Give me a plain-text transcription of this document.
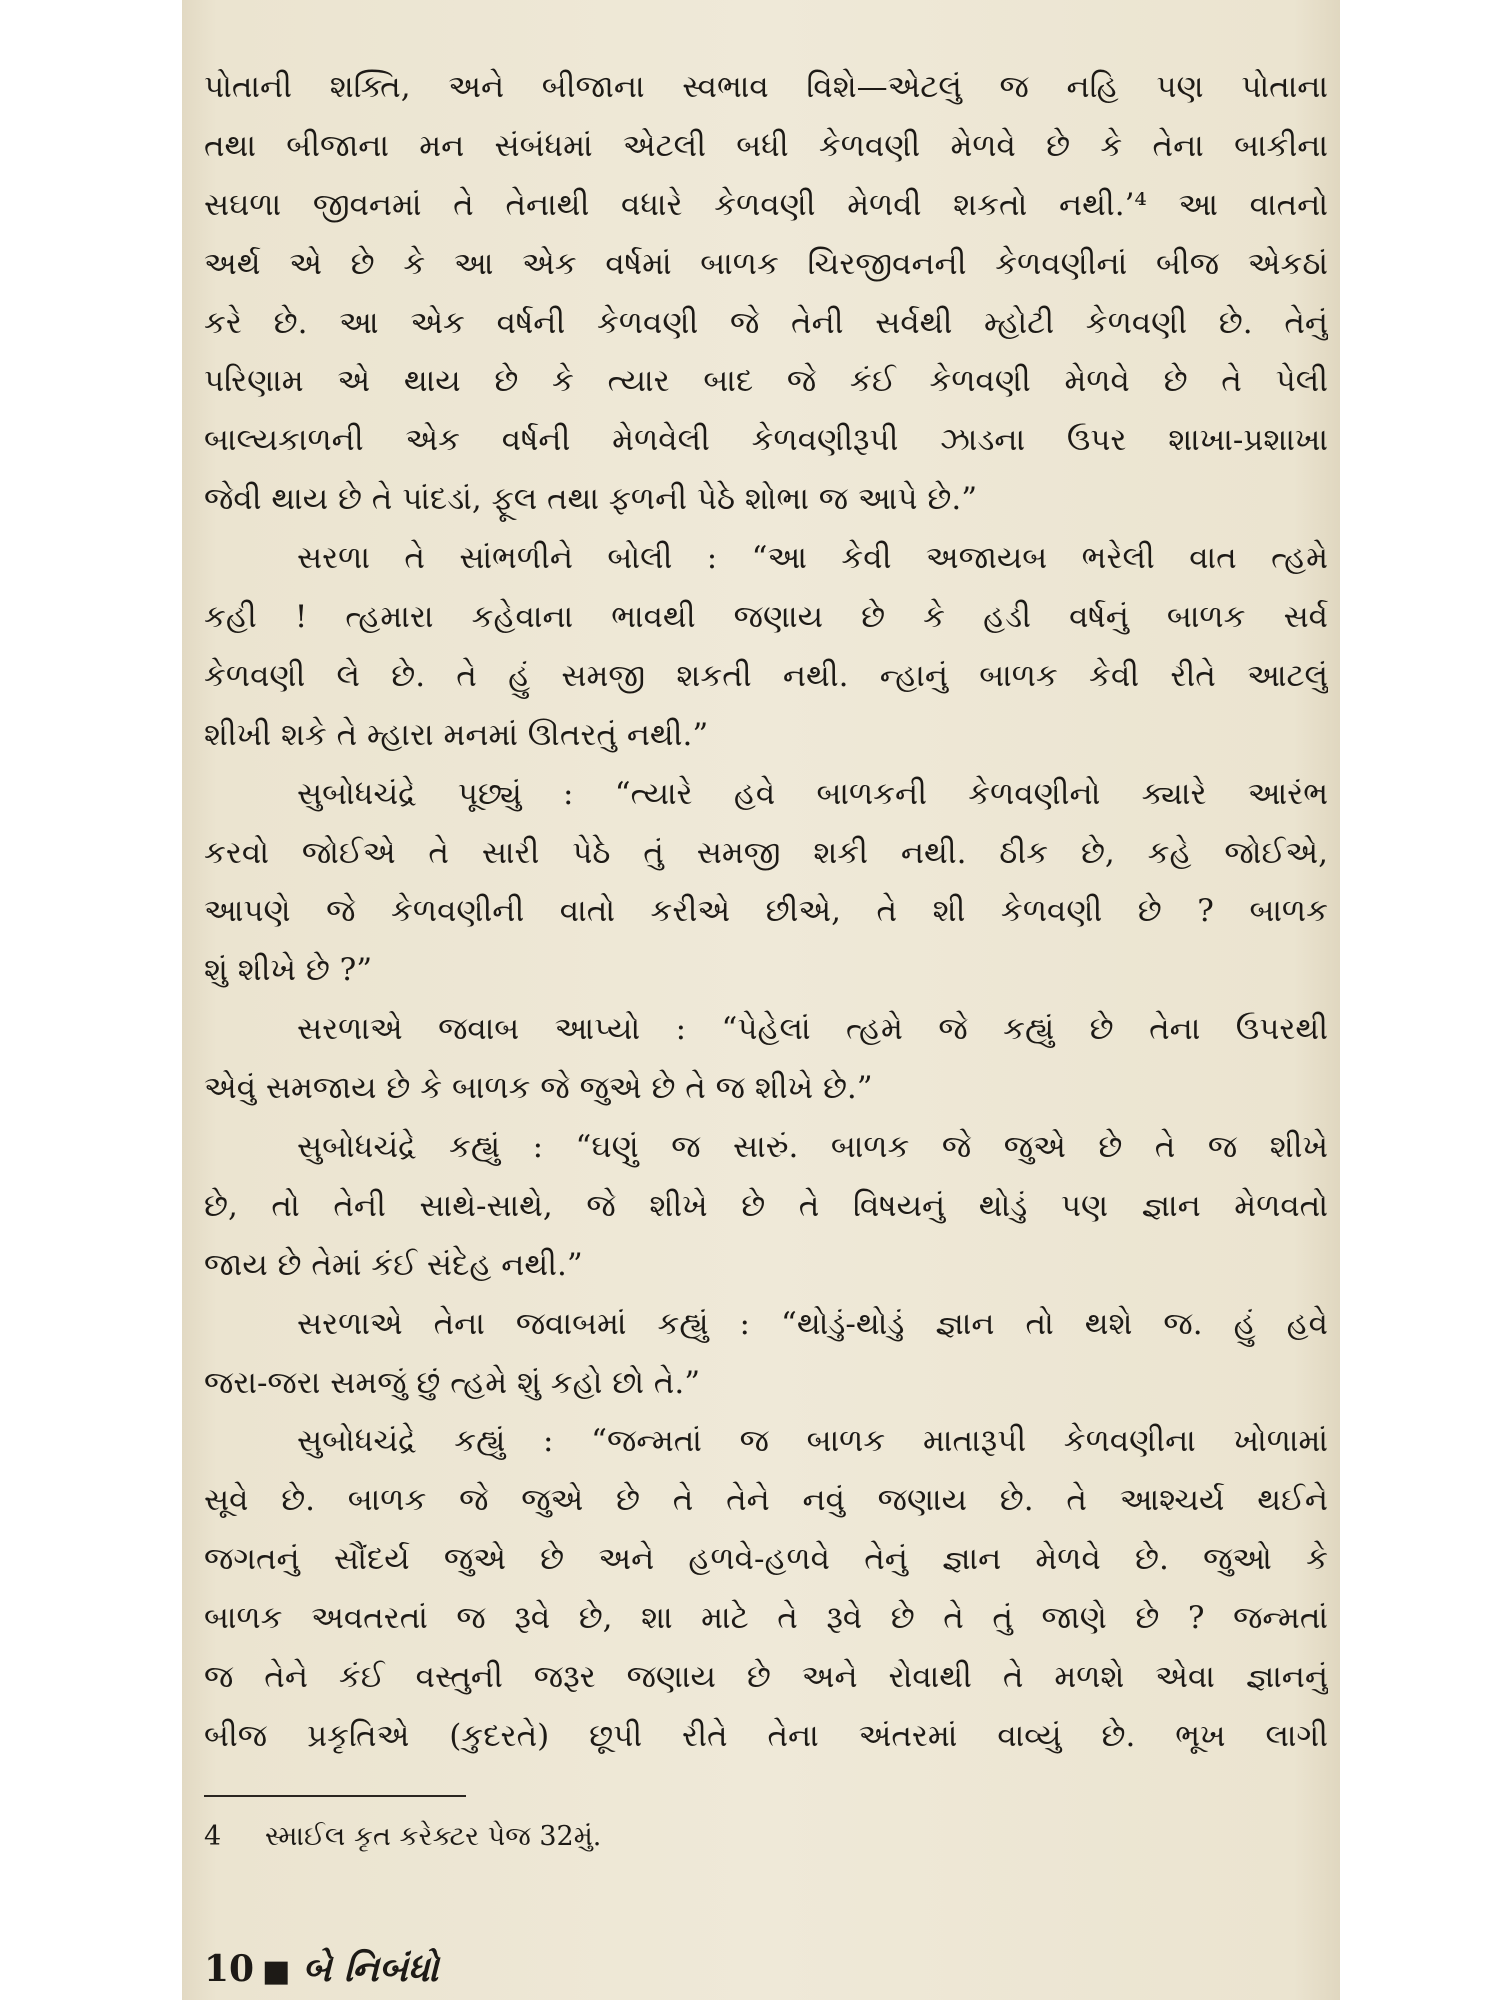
પોતાની શક્તિ, અને બીજાના સ્વભાવ વિશે—એટલું જ નહિ પણ પોતાના
તથા બીજાના મન સંબંધમાં એટલી બધી કેળવણી મેળવે છે કે તેના બાકીના
સઘળા જીવનમાં તે તેનાથી વધારે કેળવણી મેળવી શકતો નથી.’⁴ આ વાતનો
અર્થ એ છે કે આ એક વર્ષમાં બાળક ચિરજીવનની કેળવણીનાં બીજ એકઠાં
કરે છે. આ એક વર્ષની કેળવણી જે તેની સર્વથી મ્હોટી કેળવણી છે. તેનું
પરિણામ એ થાય છે કે ત્યાર બાદ જે કંઈ કેળવણી મેળવે છે તે પેલી
બાલ્યકાળની એક વર્ષની મેળવેલી કેળવણીરૂપી ઝાડના ઉપર શાખા-પ્રશાખા
જેવી થાય છે તે પાંદડાં, ફૂલ તથા ફળની પેઠે શોભા જ આપે છે.”
સરળા તે સાંભળીને બોલી : “આ કેવી અજાયબ ભરેલી વાત ત્હમે
કહી ! ત્હમારા કહેવાના ભાવથી જણાય છે કે હડી વર્ષનું બાળક સર્વ
કેળવણી લે છે. તે હું સમજી શકતી નથી. ન્હાનું બાળક કેવી રીતે આટલું
શીખી શકે તે મ્હારા મનમાં ઊતરતું નથી.”
સુબોધચંદ્રે પૂછ્યું : “ત્યારે હવે બાળકની કેળવણીનો ક્યારે આરંભ
કરવો જોઈએ તે સારી પેઠે તું સમજી શકી નથી. ઠીક છે, કહે જોઈએ,
આપણે જે કેળવણીની વાતો કરીએ છીએ, તે શી કેળવણી છે ? બાળક
શું શીખે છે ?”
સરળાએ જવાબ આપ્યો : “પેહેલાં ત્હમે જે કહ્યું છે તેના ઉપરથી
એવું સમજાય છે કે બાળક જે જુએ છે તે જ શીખે છે.”
સુબોધચંદ્રે કહ્યું : “ઘણું જ સારું. બાળક જે જુએ છે તે જ શીખે
છે, તો તેની સાથે-સાથે, જે શીખે છે તે વિષયનું થોડું પણ જ્ઞાન મેળવતો
જાય છે તેમાં કંઈ સંદેહ નથી.”
સરળાએ તેના જવાબમાં કહ્યું : “થોડું-થોડું જ્ઞાન તો થશે જ. હું હવે
જરા-જરા સમજું છું ત્હમે શું કહો છો તે.”
સુબોધચંદ્રે કહ્યું : “જન્મતાં જ બાળક માતારૂપી કેળવણીના ખોળામાં
સૂવે છે. બાળક જે જુએ છે તે તેને નવું જણાય છે. તે આશ્ચર્ય થઈને
જગતનું સૌંદર્ય જુએ છે અને હળવે-હળવે તેનું જ્ઞાન મેળવે છે. જુઓ કે
બાળક અવતરતાં જ રૂવે છે, શા માટે તે રૂવે છે તે તું જાણે છે ? જન્મતાં
જ તેને કંઈ વસ્તુની જરૂર જણાય છે અને રોવાથી તે મળશે એવા જ્ઞાનનું
બીજ પ્રકૃતિએ (કુદરતે) છૂપી રીતે તેના અંતરમાં વાવ્યું છે. ભૂખ લાગી
4 સ્માઈલ કૃત કરેક્ટર પેજ 32મું.
10 ■ બે નિબંધો
